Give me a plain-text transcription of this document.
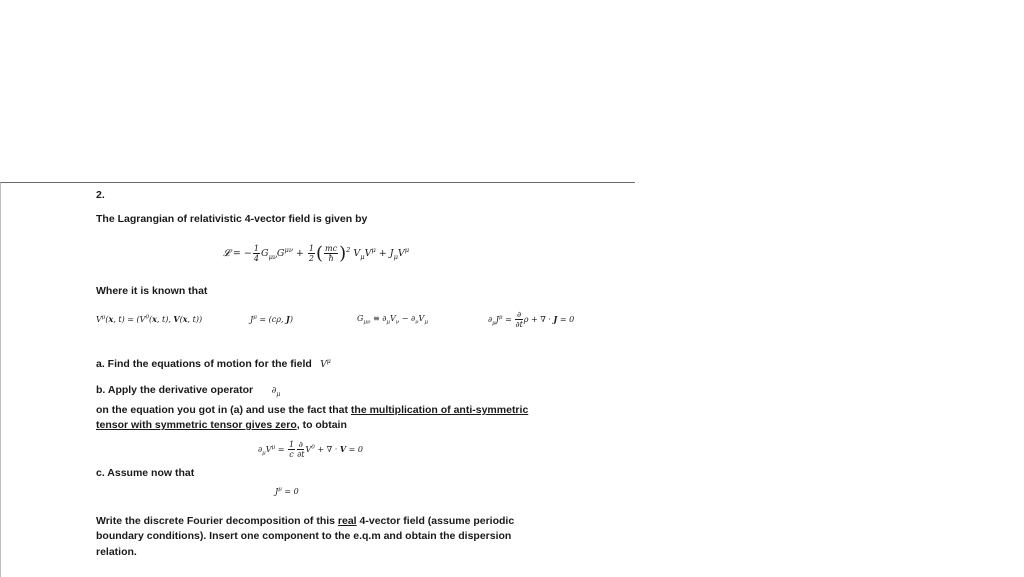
2.
The Lagrangian of relativistic 4-vector field is given by
𝓛 = − $\frac{1}{4} G_{\mu\nu}G^{\mu\nu} + \frac{1}{2}$ ( $\frac{mc}{ħ} )^2$ $V_\mu V^\mu + J_\mu V^\mu$
Where it is known that
$V^\mu(x$, $t) = (V^0(x$, t), V(x, t))	$J^\mu = (c\rho$, J)	$G_{\mu\nu} \equiv \partial_\mu V_\nu - \partial_\nu V_\mu$	$\partial_\mu J^\mu = \frac{\partial}{\partial t}$ ρ + ∇ · J = 0
a. Find the equations of motion for the field $V^\mu$
b. Apply the derivative operator $\partial_\mu$
on the equation you got in (a) and use the fact that the multiplication of anti-symmetric
tensor with symmetric tensor gives zero, to obtain
$\partial_\mu V^\mu = \frac{1}{c} \frac{\partial}{\partial t} V^0$ + ∇ · V = 0
c. Assume now that
$J^\mu = 0$
Write the discrete Fourier decomposition of this real 4-vector field (assume periodic
boundary conditions). Insert one component to the e.q.m and obtain the dispersion
relation.
